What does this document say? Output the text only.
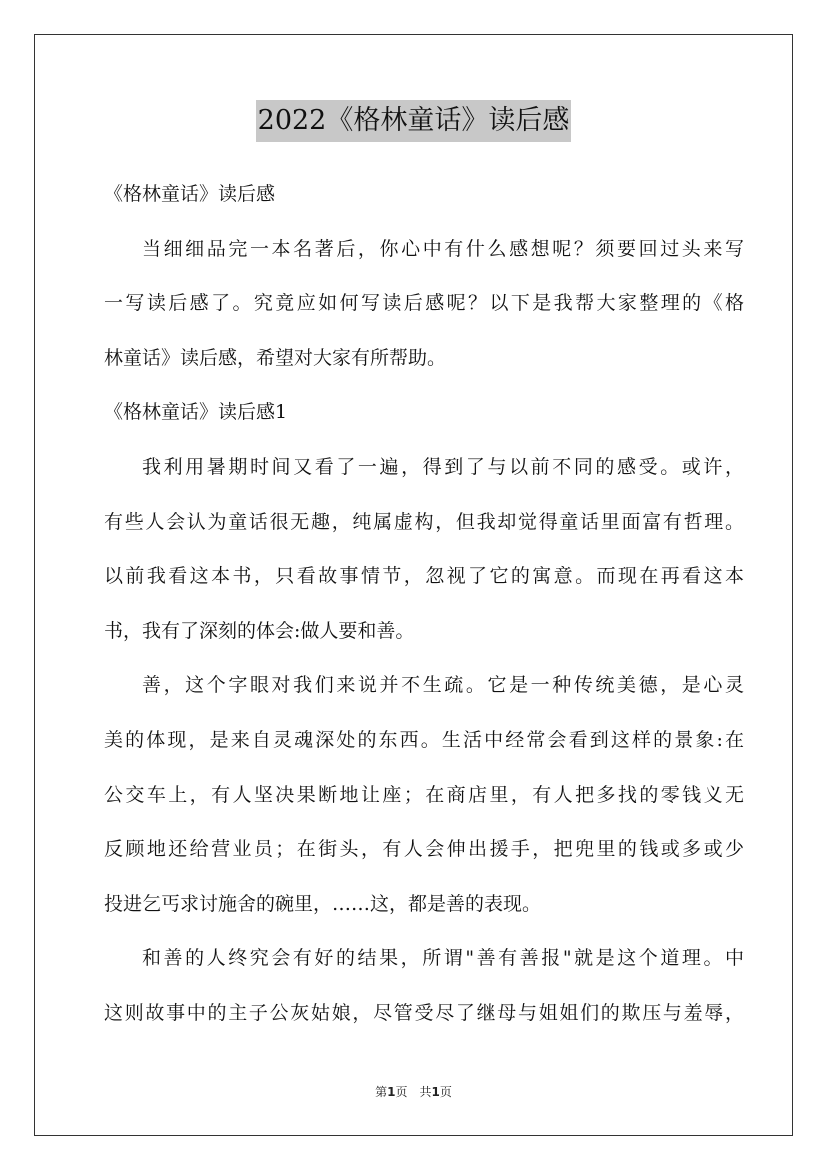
2022《格林童话》读后感
《格林童话》读后感
当细细品完一本名著后，你心中有什么感想呢？须要回过头来写
一写读后感了。究竟应如何写读后感呢？以下是我帮大家整理的《格
林童话》读后感，希望对大家有所帮助。
《格林童话》读后感1
我利用暑期时间又看了一遍，得到了与以前不同的感受。或许，
有些人会认为童话很无趣，纯属虚构，但我却觉得童话里面富有哲理。
以前我看这本书，只看故事情节，忽视了它的寓意。而现在再看这本
书，我有了深刻的体会:做人要和善。
善，这个字眼对我们来说并不生疏。它是一种传统美德，是心灵
美的体现，是来自灵魂深处的东西。生活中经常会看到这样的景象:在
公交车上，有人坚决果断地让座；在商店里，有人把多找的零钱义无
反顾地还给营业员；在街头，有人会伸出援手，把兜里的钱或多或少
投进乞丐求讨施舍的碗里，……这，都是善的表现。
和善的人终究会有好的结果，所谓"善有善报"就是这个道理。中
这则故事中的主子公灰姑娘，尽管受尽了继母与姐姐们的欺压与羞辱，
第1页 共1页
